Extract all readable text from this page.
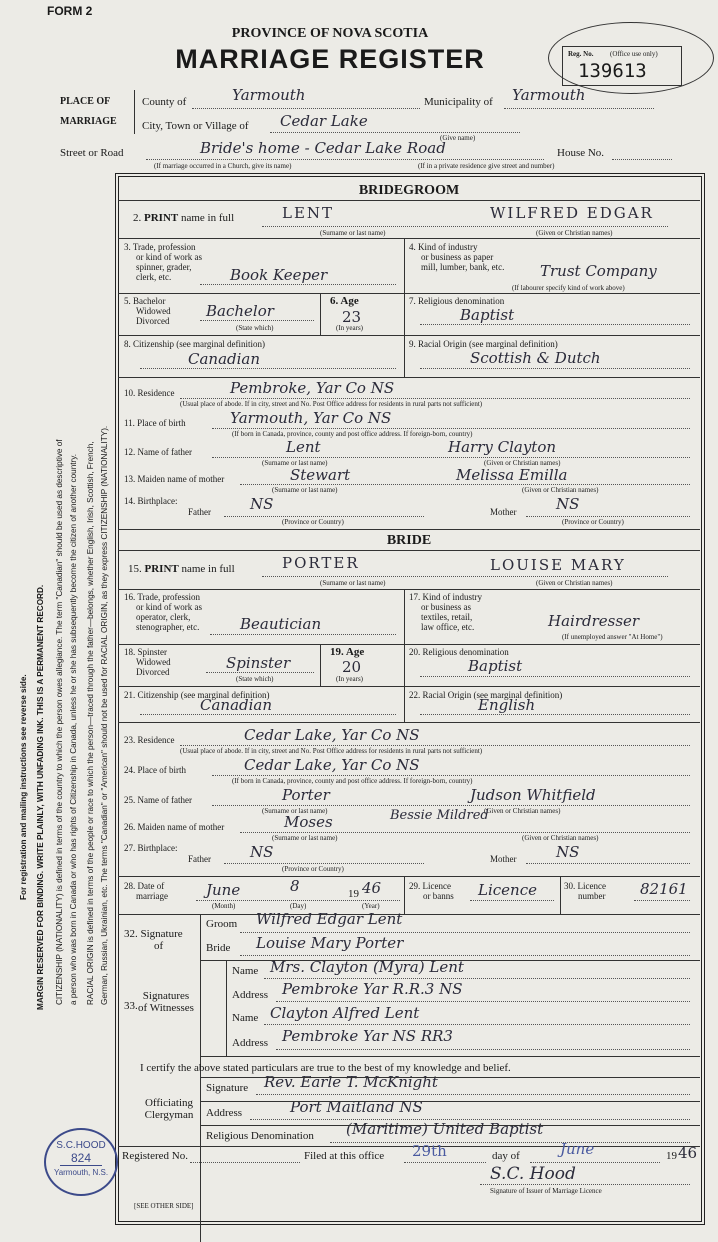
For registration and mailing instructions see reverse side. MARGIN RESERVED FOR BINDING. WRITE PLAINLY, WITH UNFADING INK. THIS IS A PERMANENT RECORD. CITIZENSHIP (NATIONALITY) is defined in terms of the country to which the person owes allegiance. The term "Canadian" should be used as descriptive of a person who was born in Canada or who has rights of Citizenship in Canada, unless he or she has subsequently become the citizen of another country. RACIAL ORIGIN is defined in terms of the people or race to which the person—traced through the father—belongs, whether English, Irish, Scottish, French, German, Russian, Ukrainian, etc. The terms "Canadian" or "American" should not be used for RACIAL ORIGIN, as they express CITIZENSHIP (NATIONALITY).
FORM 2
PROVINCE OF NOVA SCOTIA
MARRIAGE REGISTER	Reg. No. (Office use only)
139613
PLACE OF
MARRIAGE
County of	Yarmouth	Municipality of Yarmouth
City, Town or Village of Cedar Lake
(Give name)
Street or Road	Bride's home - Cedar Lake Road	House No.
(If marriage occurred in a Church, give its name)	(If in a private residence give street and number)
BRIDEGROOM
2. PRINT name in full	LENT	WILFRED EDGAR
(Surname or last name)	(Given or Christian names)
3. Trade, profession
or kind of work as
spinner, grader,
clerk, etc.	Book Keeper
4. Kind of industry
or business as paper
mill, lumber, bank, etc. Trust Company
(If labourer specify kind of work above)
5. Bachelor
Widowed
Divorced
Bachelor
(State which)
6. Age
23
(In years)
7. Religious denomination
Baptist
8. Citizenship (see marginal definition)
Canadian
9. Racial Origin (see marginal definition)
Scottish & Dutch
10. Residence	Pembroke, Yar Co NS
(Usual place of abode. If in city, street and No. Post Office address for residents in rural parts not sufficient)
11. Place of birth	Yarmouth, Yar Co NS
(If born in Canada, province, county and post office address. If foreign-born, country)
12. Name of father	Lent	Harry Clayton
(Surname or last name)	(Given or Christian names)
13. Maiden name of mother	Stewart	Melissa Emilla
(Surname or last name)	(Given or Christian names)
14. Birthplace:
Father	NS	Mother	NS
(Province or Country)	(Province or Country)
BRIDE
15. PRINT name in full	PORTER	LOUISE MARY
(Surname or last name)	(Given or Christian names)
16. Trade, profession
or kind of work as
operator, clerk,
stenographer, etc.	Beautician
17. Kind of industry
or business as
textiles, retail,
law office, etc.	Hairdresser
(If unemployed answer "At Home")
18. Spinster
Widowed
Divorced	Spinster
(State which)
19. Age
20
(In years)
20. Religious denomination
Baptist
21. Citizenship (see marginal definition)
Canadian
22. Racial Origin (see marginal definition)
English
23. Residence	Cedar Lake, Yar Co NS
(Usual place of abode. If in city, street and No. Post Office address for residents in rural parts not sufficient)
24. Place of birth	Cedar Lake, Yar Co NS
(If born in Canada, province, county and post office address. If foreign-born, country)
25. Name of father	Porter	Judson Whitfield
(Surname or last name)	(Given or Christian names)
26. Maiden name of mother	Moses	Bessie Mildred
(Surname or last name)	(Given or Christian names)
27. Birthplace:
Father	NS	Mother	NS
(Province or Country)
28. Date of
marriage	June	8	19 46
(Month)	(Day)	(Year)
29. Licence
or banns Licence	30. Licence
number 82161
32. Signature
of
Groom Wilfred Edgar Lent
Bride Louise Mary Porter
33.
Signatures
of Witnesses
Name Mrs. Clayton (Myra) Lent
Address Pembroke Yar R.R.3 NS
Name Clayton Alfred Lent
Address Pembroke Yar NS RR3
I certify the above stated particulars are true to the best of my knowledge and belief.
Officiating
Clergyman
Signature Rev. Earle T. McKnight
Address	Port Maitland NS
Religious Denomination (Maritime) United Baptist
Registered No.	Filed at this office 29th	day of	June	19 46
S.C. Hood
Signature of Issuer of Marriage Licence
[SEE OTHER SIDE]
S.C.HOOD
824
Yarmouth, N.S.
